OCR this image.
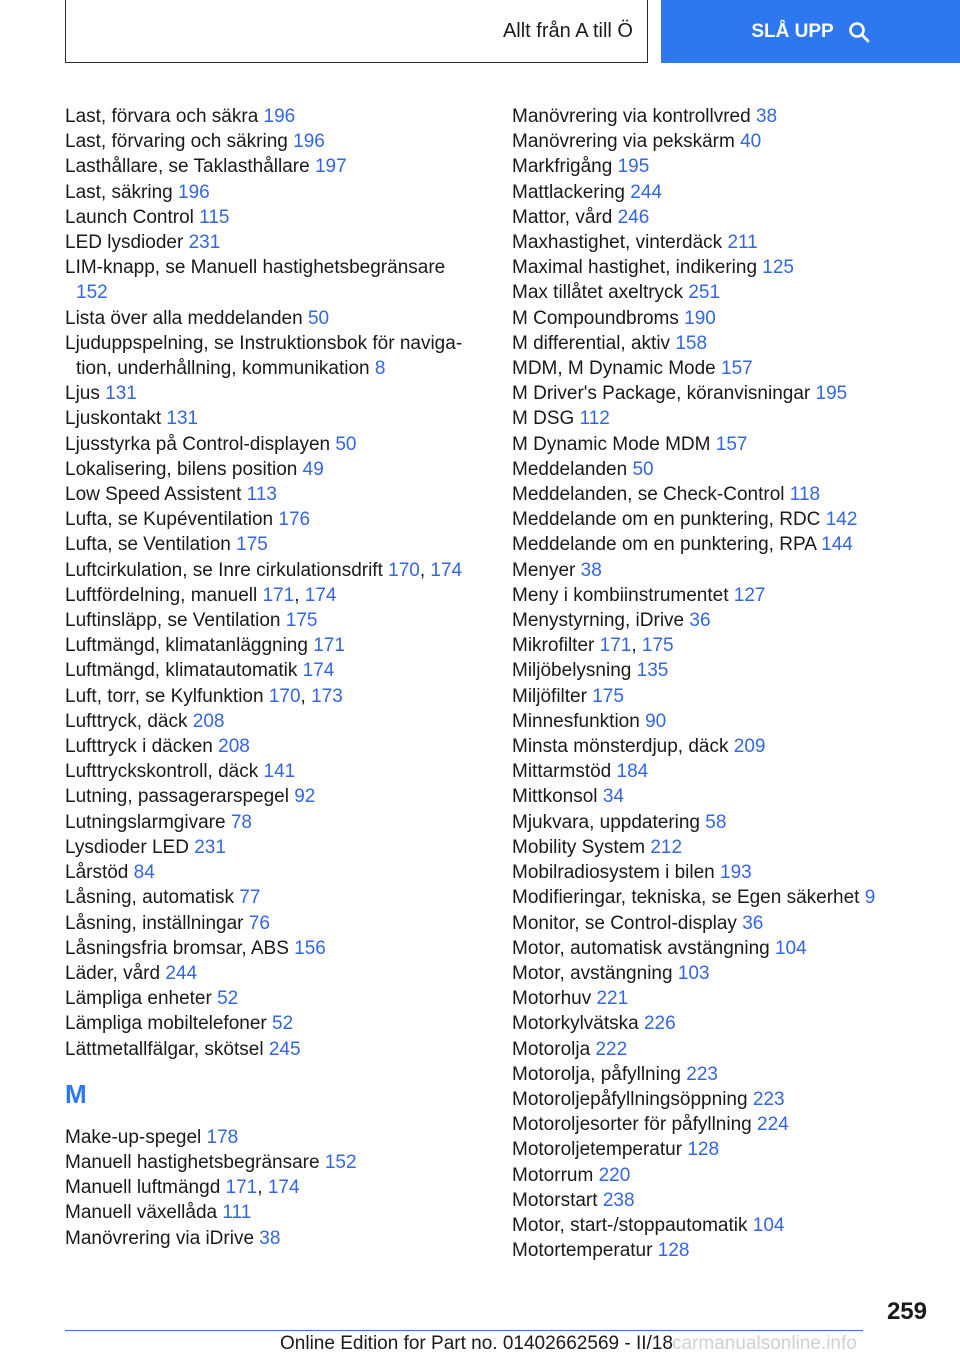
Allt från A till Ö	SLÅ UPP
Last, förvara och säkra 196
Last, förvaring och säkring 196
Lasthållare, se Taklasthållare 197
Last, säkring 196
Launch Control 115
LED lysdioder 231
LIM-knapp, se Manuell hastighetsbegränsare 152
Lista över alla meddelanden 50
Ljuduppspelning, se Instruktionsbok för navigation, underhållning, kommunikation 8
Ljus 131
Ljuskontakt 131
Ljusstyrka på Control-displayen 50
Lokalisering, bilens position 49
Low Speed Assistent 113
Lufta, se Kupéventilation 176
Lufta, se Ventilation 175
Luftcirkulation, se Inre cirkulationsdrift 170, 174
Luftfördelning, manuell 171, 174
Luftinsläpp, se Ventilation 175
Luftmängd, klimatanläggning 171
Luftmängd, klimatautomatik 174
Luft, torr, se Kylfunktion 170, 173
Lufttryck, däck 208
Lufttryck i däcken 208
Lufttryckskontroll, däck 141
Lutning, passagerarspegel 92
Lutningslarmgivare 78
Lysdioder LED 231
Lårstöd 84
Låsning, automatisk 77
Låsning, inställningar 76
Låsningsfria bromsar, ABS 156
Läder, vård 244
Lämpliga enheter 52
Lämpliga mobiltelefoner 52
Lättmetallfälgar, skötsel 245
M
Make-up-spegel 178
Manuell hastighetsbegränsare 152
Manuell luftmängd 171, 174
Manuell växellåda 111
Manövrering via iDrive 38
Manövrering via kontrollvred 38
Manövrering via pekskärm 40
Markfrigång 195
Mattlackering 244
Mattor, vård 246
Maxhastighet, vinterdäck 211
Maximal hastighet, indikering 125
Max tillåtet axeltryck 251
M Compoundbroms 190
M differential, aktiv 158
MDM, M Dynamic Mode 157
M Driver's Package, köranvisningar 195
M DSG 112
M Dynamic Mode MDM 157
Meddelanden 50
Meddelanden, se Check-Control 118
Meddelande om en punktering, RDC 142
Meddelande om en punktering, RPA 144
Menyer 38
Meny i kombiinstrumentet 127
Menystyrning, iDrive 36
Mikrofilter 171, 175
Miljöbelysning 135
Miljöfilter 175
Minnesfunktion 90
Minsta mönsterdjup, däck 209
Mittarmstöd 184
Mittkonsol 34
Mjukvara, uppdatering 58
Mobility System 212
Mobilradiosystem i bilen 193
Modifieringar, tekniska, se Egen säkerhet 9
Monitor, se Control-display 36
Motor, automatisk avstängning 104
Motor, avstängning 103
Motorhuv 221
Motorkylvätska 226
Motorolja 222
Motorolja, påfyllning 223
Motoroljepåfyllningsöppning 223
Motoroljesorter för påfyllning 224
Motoroljetemperatur 128
Motorrum 220
Motorstart 238
Motor, start-/stoppautomatik 104
Motortemperatur 128
259
Online Edition for Part no. 01402662569 - II/18 carmanualsonline.info
